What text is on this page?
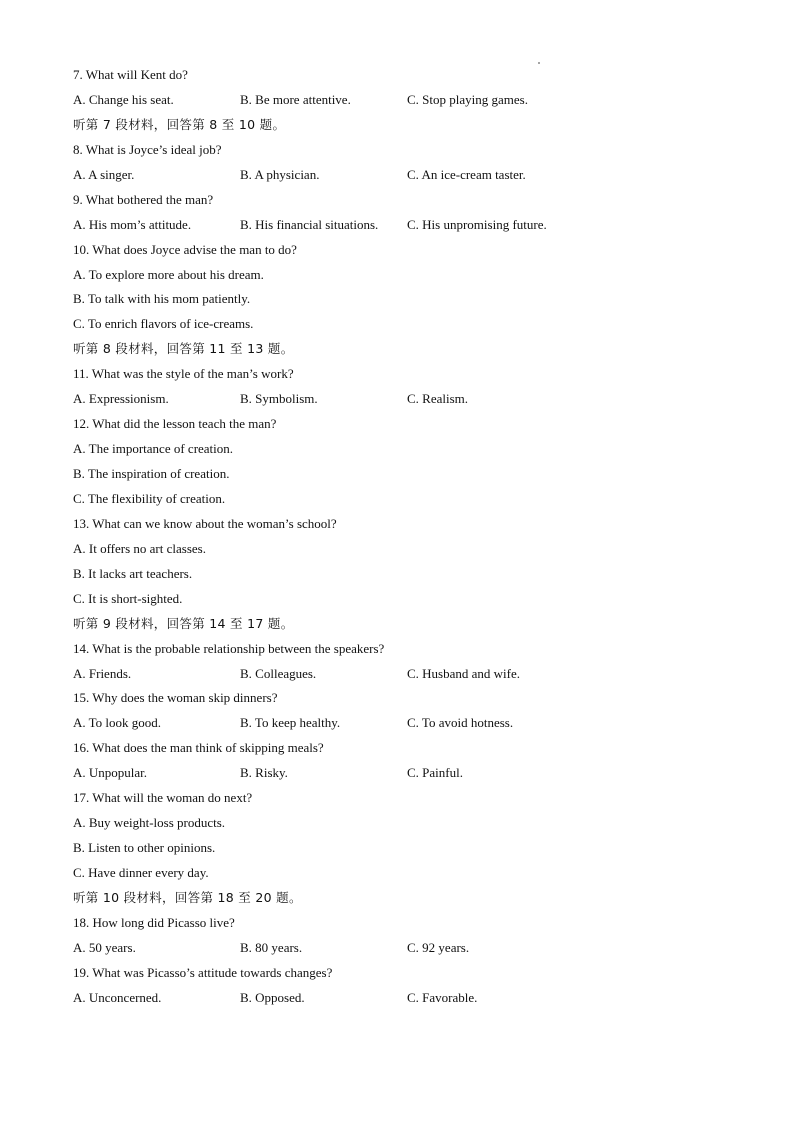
7. What will Kent do?
A. Change his seat.	B. Be more attentive.	C. Stop playing games.
听第 7 段材料，回答第 8 至 10 题。
8. What is Joyce’s ideal job?
A. A singer.	B. A physician.	C. An ice-cream taster.
9. What bothered the man?
A. His mom’s attitude.	B. His financial situations. C. His unpromising future.
10. What does Joyce advise the man to do?
A. To explore more about his dream.
B. To talk with his mom patiently.
C. To enrich flavors of ice-creams.
听第 8 段材料，回答第 11 至 13 题。
11. What was the style of the man’s work?
A. Expressionism.	B. Symbolism.	C. Realism.
12. What did the lesson teach the man?
A. The importance of creation.
B. The inspiration of creation.
C. The flexibility of creation.
13. What can we know about the woman’s school?
A. It offers no art classes.
B. It lacks art teachers.
C. It is short-sighted.
听第 9 段材料，回答第 14 至 17 题。
14. What is the probable relationship between the speakers?
A. Friends.	B. Colleagues.	C. Husband and wife.
15. Why does the woman skip dinners?
A. To look good.	B. To keep healthy.	C. To avoid hotness.
16. What does the man think of skipping meals?
A. Unpopular.	B. Risky.	C. Painful.
17. What will the woman do next?
A. Buy weight-loss products.
B. Listen to other opinions.
C. Have dinner every day.
听第 10 段材料，回答第 18 至 20 题。
18. How long did Picasso live?
A. 50 years.	B. 80 years.	C. 92 years.
19. What was Picasso’s attitude towards changes?
A. Unconcerned.	B. Opposed.	C. Favorable.
